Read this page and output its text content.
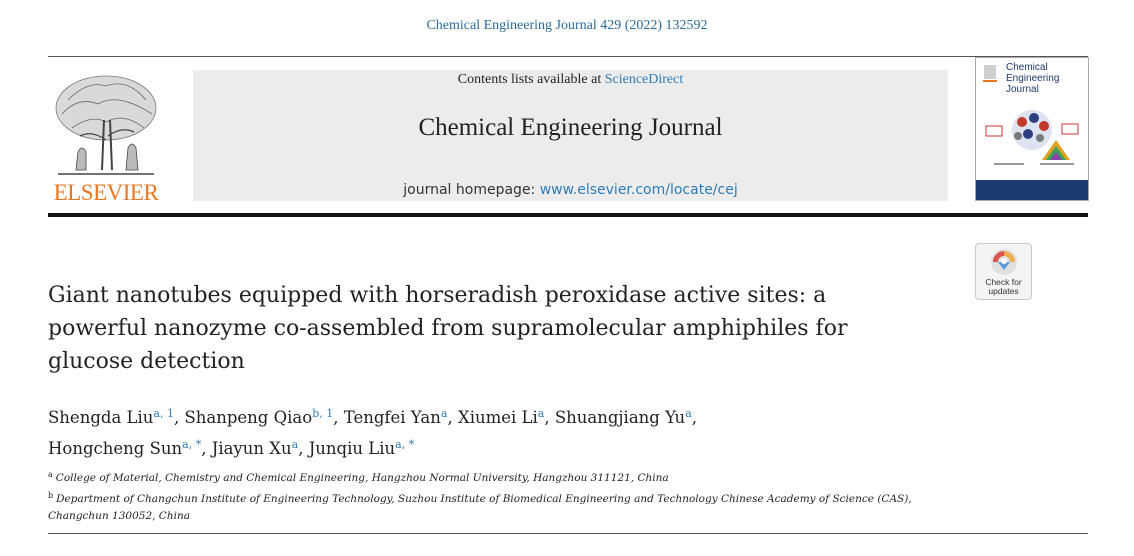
Chemical Engineering Journal 429 (2022) 132592
ELSEVIER
Contents lists available at ScienceDirect
Chemical Engineering Journal
journal homepage: www.elsevier.com/locate/cej
Chemical
Engineering
Journal
Check for
updates
Giant nanotubes equipped with horseradish peroxidase active sites: a
powerful nanozyme co-assembled from supramolecular amphiphiles for
glucose detection
Shengda Liu$^{a, 1}$, Shanpeng Qiao$^{b, 1}$, Tengfei Yan$^a$, Xiumei Li$^a$, Shuangjiang Yu$^a$,
Hongcheng Sun$^{a, *}$, Jiayun Xu$^a$, Junqiu Liu$^{a, *}$
$^a$ College of Material, Chemistry and Chemical Engineering, Hangzhou Normal University, Hangzhou 311121, China
$^b$ Department of Changchun Institute of Engineering Technology, Suzhou Institute of Biomedical Engineering and Technology Chinese Academy of Science (CAS),
Changchun 130052, China
